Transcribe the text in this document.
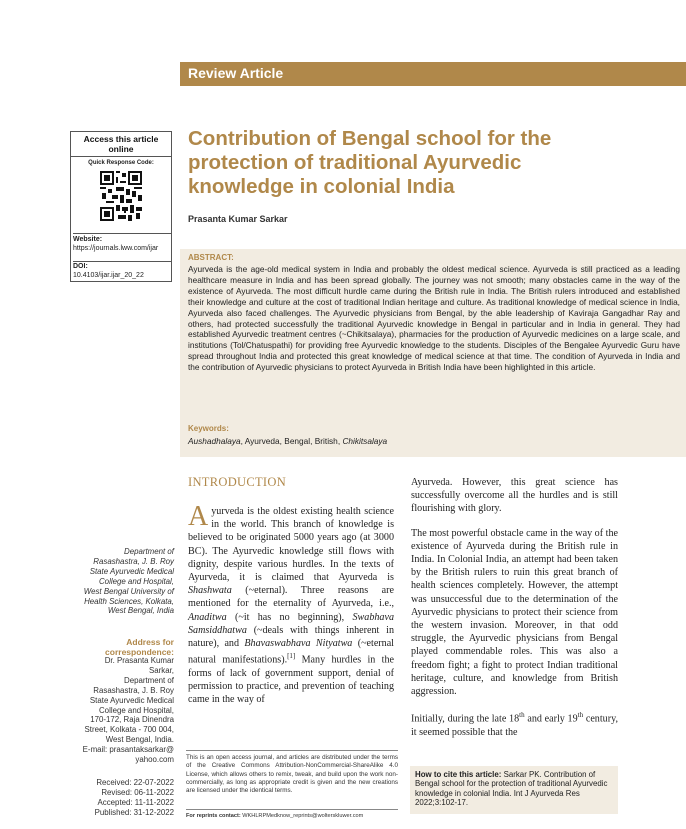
Review Article
Access this article online
Quick Response Code:
Website:
https://journals.lww.com/ijar
DOI:
10.4103/ijar.ijar_20_22
Contribution of Bengal school for the protection of traditional Ayurvedic knowledge in colonial India
Prasanta Kumar Sarkar
ABSTRACT:
Ayurveda is the age-old medical system in India and probably the oldest medical science. Ayurveda is still practiced as a leading healthcare measure in India and has been spread globally. The journey was not smooth; many obstacles came in the way of the existence of Ayurveda. The most difficult hurdle came during the British rule in India. The British rulers introduced and established their knowledge and culture at the cost of traditional Indian heritage and culture. As traditional knowledge of medical science in India, Ayurveda also faced challenges. The Ayurvedic physicians from Bengal, by the able leadership of Kaviraja Gangadhar Ray and others, had protected successfully the traditional Ayurvedic knowledge in Bengal in particular and in India in general. They had established Ayurvedic treatment centres (~Chikitsalaya), pharmacies for the production of Ayurvedic medicines on a large scale, and institutions (Tol/Chatuspathi) for providing free Ayurvedic knowledge to the students. Disciples of the Bengalee Ayurvedic Guru have spread throughout India and protected this great knowledge of medical science at that time. The condition of Ayurveda in India and the contribution of Ayurvedic physicians to protect Ayurveda in British India have been highlighted in this article.
Keywords:
Aushadhalaya, Ayurveda, Bengal, British, Chikitsalaya
INTRODUCTION
Ayurveda is the oldest existing health science in the world. This branch of knowledge is believed to be originated 5000 years ago (at 3000 BC). The Ayurvedic knowledge still flows with dignity, despite various hurdles. In the texts of Ayurveda, it is claimed that Ayurveda is Shashwata (~eternal). Three reasons are mentioned for the eternality of Ayurveda, i.e., Anaditwa (~it has no beginning), Swabhava Samsiddhatwa (~deals with things inherent in nature), and Bhavaswabhava Nityatwa (~eternal natural manifestations).[1] Many hurdles in the forms of lack of government support, denial of permission to practice, and prevention of teaching came in the way of

Ayurveda. However, this great science has successfully overcome all the hurdles and is still flourishing with glory.

The most powerful obstacle came in the way of the existence of Ayurveda during the British rule in India. In Colonial India, an attempt had been taken by the British rulers to ruin this great branch of health sciences completely. However, the attempt was unsuccessful due to the determination of the Ayurvedic physicians to protect their science from the western invasion. Moreover, in that odd struggle, the Ayurvedic physicians from Bengal played commendable roles. This was also a freedom fight; a fight to protect Indian traditional heritage, culture, and knowledge from British aggression.

Initially, during the late 18th and early 19th century, it seemed possible that the

Department of
Rasashastra, J. B. Roy
State Ayurvedic Medical
College and Hospital,
West Bengal University of
Health Sciences, Kolkata,
West Bengal, India
Address for
correspondence:
Dr. Prasanta Kumar
Sarkar,
Department of
Rasashastra, J. B. Roy
State Ayurvedic Medical
College and Hospital,
170-172, Raja Dinendra
Street, Kolkata - 700 004,
West Bengal, India.
E-mail: prasantaksarkar@
yahoo.com
Received: 22-07-2022
Revised: 06-11-2022
Accepted: 11-11-2022
Published: 31-12-2022
This is an open access journal, and articles are distributed under the terms of the Creative Commons Attribution-NonCommercial-ShareAlike 4.0 License, which allows others to remix, tweak, and build upon the work non-commercially, as long as appropriate credit is given and the new creations are licensed under the identical terms.
For reprints contact: WKHLRPMedknow_reprints@wolterskluwer.com
How to cite this article: Sarkar PK. Contribution of Bengal school for the protection of traditional Ayurvedic knowledge in colonial India. Int J Ayurveda Res 2022;3:102-17.
